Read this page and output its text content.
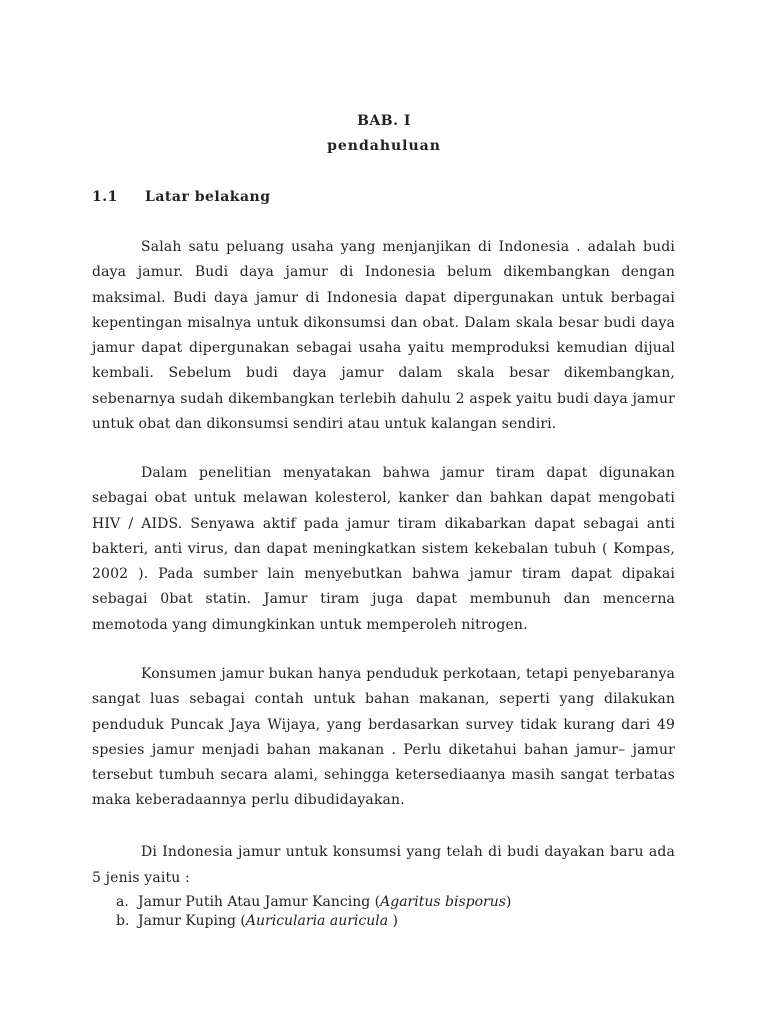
BAB. I
pendahuluan
1.1 Latar belakang

Salah satu peluang usaha yang menjanjikan di Indonesia . adalah budi daya jamur. Budi daya jamur di Indonesia belum dikembangkan dengan maksimal. Budi daya jamur di Indonesia dapat dipergunakan untuk berbagai kepentingan misalnya untuk dikonsumsi dan obat. Dalam skala besar budi daya jamur dapat dipergunakan sebagai usaha yaitu memproduksi kemudian dijual kembali. Sebelum budi daya jamur dalam skala besar dikembangkan, sebenarnya sudah dikembangkan terlebih dahulu 2 aspek yaitu budi daya jamur untuk obat dan dikonsumsi sendiri atau untuk kalangan sendiri.

Dalam penelitian menyatakan bahwa jamur tiram dapat digunakan sebagai obat untuk melawan kolesterol, kanker dan bahkan dapat mengobati HIV / AIDS. Senyawa aktif pada jamur tiram dikabarkan dapat sebagai anti bakteri, anti virus, dan dapat meningkatkan sistem kekebalan tubuh ( Kompas, 2002 ). Pada sumber lain menyebutkan bahwa jamur tiram dapat dipakai sebagai 0bat statin. Jamur tiram juga dapat membunuh dan mencerna memotoda yang dimungkinkan untuk memperoleh nitrogen.

Konsumen jamur bukan hanya penduduk perkotaan, tetapi penyebaranya sangat luas sebagai contah untuk bahan makanan, seperti yang dilakukan penduduk Puncak Jaya Wijaya, yang berdasarkan survey tidak kurang dari 49 spesies jamur menjadi bahan makanan . Perlu diketahui bahan jamur– jamur tersebut tumbuh secara alami, sehingga ketersediaanya masih sangat terbatas maka keberadaannya perlu dibudidayakan.

Di Indonesia jamur untuk konsumsi yang telah di budi dayakan baru ada 5 jenis yaitu :

a. Jamur Putih Atau Jamur Kancing (Agaritus bisporus)
b. Jamur Kuping (Auricularia auricula )
